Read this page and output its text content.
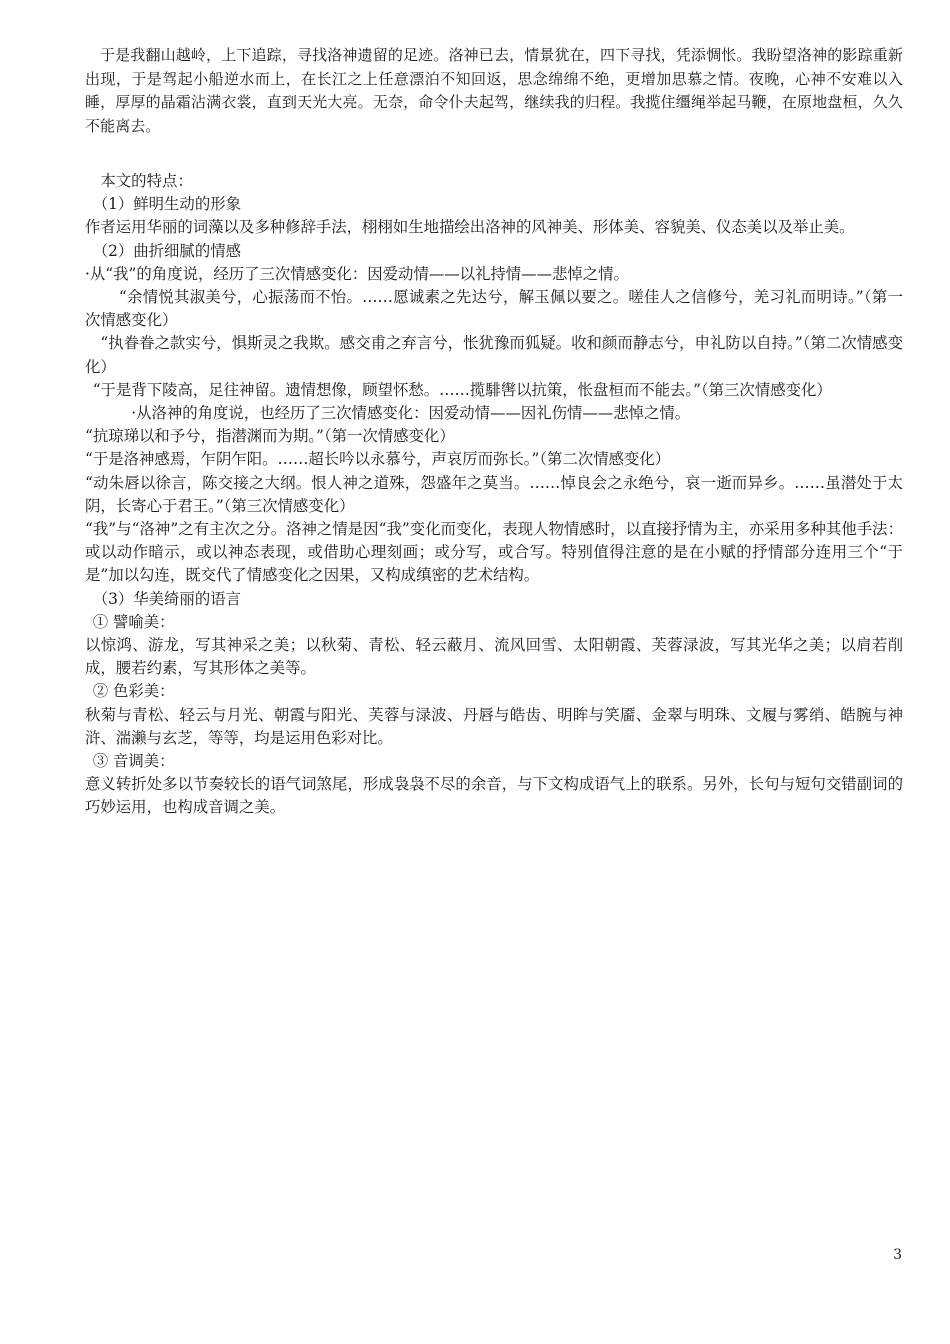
于是我翻山越岭，上下追踪，寻找洛神遗留的足迹。洛神已去，情景犹在，四下寻找，凭添惆怅。我盼望洛神的影踪重新出现，于是驾起小船逆水而上，在长江之上任意漂泊不知回返，思念绵绵不绝，更增加思慕之情。夜晚，心神不安难以入睡，厚厚的晶霜沾满衣裳，直到天光大亮。无奈，命令仆夫起驾，继续我的归程。我揽住缰绳举起马鞭，在原地盘桓，久久不能离去。

本文的特点：

（1）鲜明生动的形象

作者运用华丽的词藻以及多种修辞手法，栩栩如生地描绘出洛神的风神美、形体美、容貌美、仪态美以及举止美。

（2）曲折细腻的情感

·从“我”的角度说，经历了三次情感变化：因爱动情——以礼持情——悲悼之情。

“余情悦其淑美兮，心振荡而不怡。……愿诚素之先达兮，解玉佩以要之。嗟佳人之信修兮，羌习礼而明诗。”（第一次情感变化）

“执眷眷之款实兮，惧斯灵之我欺。感交甫之弃言兮，怅犹豫而狐疑。收和颜而静志兮，申礼防以自持。”（第二次情感变化）

“于是背下陵高，足往神留。遗情想像，顾望怀愁。……揽騑辔以抗策，怅盘桓而不能去。”（第三次情感变化）

·从洛神的角度说，也经历了三次情感变化：因爱动情——因礼伤情——悲悼之情。

“抗琼珶以和予兮，指潜渊而为期。”（第一次情感变化）

“于是洛神感焉，乍阴乍阳。……超长吟以永慕兮，声哀厉而弥长。”（第二次情感变化）

“动朱唇以徐言，陈交接之大纲。恨人神之道殊，怨盛年之莫当。……悼良会之永绝兮，哀一逝而异乡。……虽潜处于太阴，长寄心于君王。”（第三次情感变化）

“我”与“洛神”之有主次之分。洛神之情是因“我”变化而变化，表现人物情感时，以直接抒情为主，亦采用多种其他手法：或以动作暗示，或以神态表现，或借助心理刻画；或分写，或合写。特别值得注意的是在小赋的抒情部分连用三个“于是”加以勾连，既交代了情感变化之因果，又构成缜密的艺术结构。

（3）华美绮丽的语言

① 譬喻美：

以惊鸿、游龙，写其神采之美；以秋菊、青松、轻云蔽月、流风回雪、太阳朝霞、芙蓉渌波，写其光华之美；以肩若削成，腰若约素，写其形体之美等。

② 色彩美：

秋菊与青松、轻云与月光、朝霞与阳光、芙蓉与渌波、丹唇与皓齿、明眸与笑靥、金翠与明珠、文履与雾绡、皓腕与神浒、湍濑与玄芝，等等，均是运用色彩对比。

③ 音调美：

意义转折处多以节奏较长的语气词煞尾，形成袅袅不尽的余音，与下文构成语气上的联系。另外，长句与短句交错副词的巧妙运用，也构成音调之美。

3
